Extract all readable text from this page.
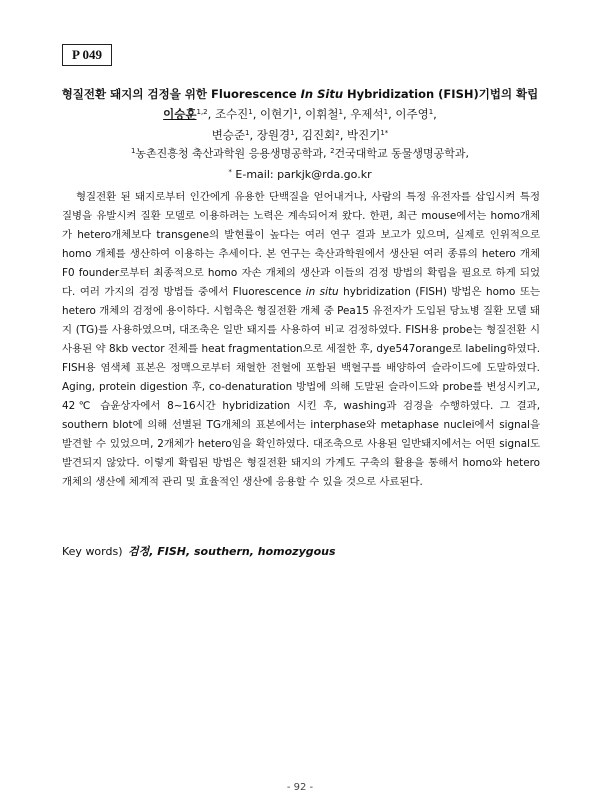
P 049
형질전환 돼지의 검정을 위한 Fluorescence In Situ Hybridization (FISH)기법의 확립
이승훈$^{1,2}$, 조수진$^1$, 이현기$^1$, 이휘철$^1$, 우제석$^1$, 이주영$^1$,
변승준$^1$, 장원경$^1$, 김진회$^2$, 박진기$^{1*}$
$^1$농촌진흥청 축산과학원 응용생명공학과, $^2$건국대학교 동물생명공학과,
* E-mail: parkjk@rda.go.kr

형질전환 된 돼지로부터 인간에게 유용한 단백질을 얻어내거나, 사람의 특정 유전자를 삽입시켜 특정 질병을 유발시켜 질환 모델로 이용하려는 노력은 계속되어져 왔다. 한편, 최근 mouse에서는 homo개체가 hetero개체보다 transgene의 발현률이 높다는 여러 연구 결과 보고가 있으며, 실제로 인위적으로 homo 개체를 생산하여 이용하는 추세이다. 본 연구는 축산과학원에서 생산된 여러 종류의 hetero 개체 F0 founder로부터 최종적으로 homo 자손 개체의 생산과 이들의 검정 방법의 확립을 필요로 하게 되었다. 여러 가지의 검정 방법들 중에서 Fluorescence in situ hybridization (FISH) 방법은 homo 또는 hetero 개체의 검정에 용이하다. 시험축은 형질전환 개체 중 Pea15 유전자가 도입된 당뇨병 질환 모델 돼지 (TG)를 사용하였으며, 대조축은 일반 돼지를 사용하여 비교 검정하였다. FISH용 probe는 형질전환 시 사용된 약 8kb vector 전체를 heat fragmentation으로 세절한 후, dye547orange로 labeling하였다. FISH용 염색체 표본은 정맥으로부터 채혈한 전혈에 포함된 백혈구를 배양하여 슬라이드에 도말하였다. Aging, protein digestion 후, co-denaturation 방법에 의해 도말된 슬라이드와 probe를 변성시키고, 42℃ 습윤상자에서 8~16시간 hybridization 시킨 후, washing과 검경을 수행하였다. 그 결과, southern blot에 의해 선별된 TG개체의 표본에서는 interphase와 metaphase nuclei에서 signal을 발견할 수 있었으며, 2개체가 hetero임을 확인하였다. 대조축으로 사용된 일반돼지에서는 어떤 signal도 발견되지 않았다. 이렇게 확립된 방법은 형질전환 돼지의 가계도 구축의 활용을 통해서 homo와 hetero 개체의 생산에 체계적 관리 및 효율적인 생산에 응용할 수 있을 것으로 사료된다.

Key words) 검정, FISH, southern, homozygous
- 92 -
